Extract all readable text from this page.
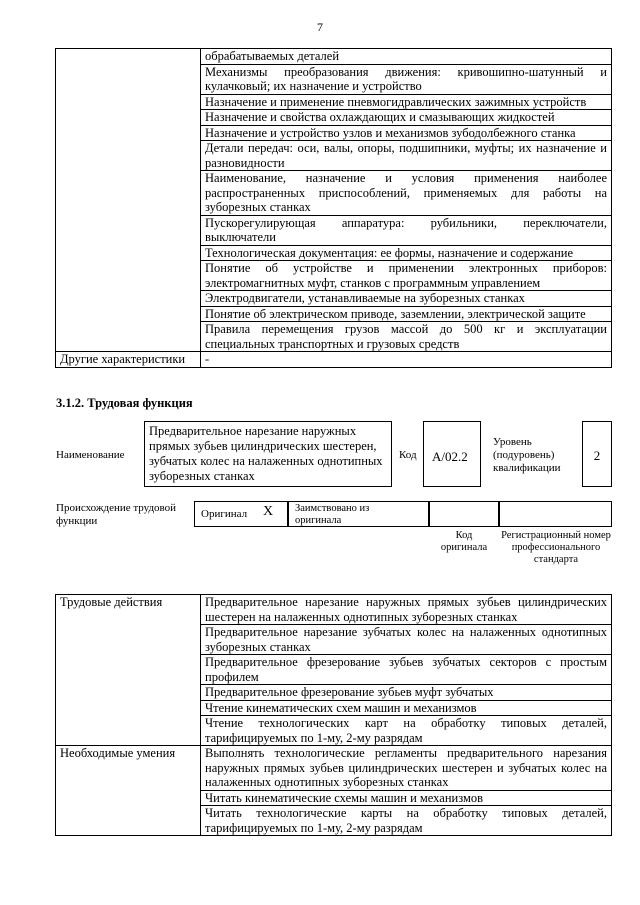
7
	обрабатываемых деталей
	Механизмы преобразования движения: кривошипно-шатунный и кулачковый; их назначение и устройство
	Назначение и применение пневмогидравлических зажимных устройств
	Назначение и свойства охлаждающих и смазывающих жидкостей
	Назначение и устройство узлов и механизмов зубодолбежного станка
	Детали передач: оси, валы, опоры, подшипники, муфты; их назначение и разновидности
	Наименование, назначение и условия применения наиболее распространенных приспособлений, применяемых для работы на зуборезных станках
	Пускорегулирующая аппаратура: рубильники, переключатели, выключатели
	Технологическая документация: ее формы, назначение и содержание
	Понятие об устройстве и применении электронных приборов: электромагнитных муфт, станков с программным управлением
	Электродвигатели, устанавливаемые на зуборезных станках
	Понятие об электрическом приводе, заземлении, электрической защите
	Правила перемещения грузов массой до 500 кг и эксплуатации специальных транспортных и грузовых средств
Другие характеристики	-
3.1.2. Трудовая функция
Наименование
Предварительное нарезание наружных прямых зубьев цилиндрических шестерен, зубчатых колес на налаженных однотипных зуборезных станках
Код	А/02.2
Уровень (подуровень) квалификации
2
Происхождение трудовой функции
Оригинал X Заимствовано из оригинала
Код оригинала
Регистрационный номер профессионального стандарта
Трудовые действия	Предварительное нарезание наружных прямых зубьев цилиндрических шестерен на налаженных однотипных зуборезных станках
	Предварительное нарезание зубчатых колес на налаженных однотипных зуборезных станках
	Предварительное фрезерование зубьев зубчатых секторов с простым профилем
	Предварительное фрезерование зубьев муфт зубчатых
	Чтение кинематических схем машин и механизмов
	Чтение технологических карт на обработку типовых деталей, тарифицируемых по 1-му, 2-му разрядам
Необходимые умения	Выполнять технологические регламенты предварительного нарезания наружных прямых зубьев цилиндрических шестерен и зубчатых колес на налаженных однотипных зуборезных станках
	Читать кинематические схемы машин и механизмов
	Читать технологические карты на обработку типовых деталей, тарифицируемых по 1-му, 2-му разрядам
